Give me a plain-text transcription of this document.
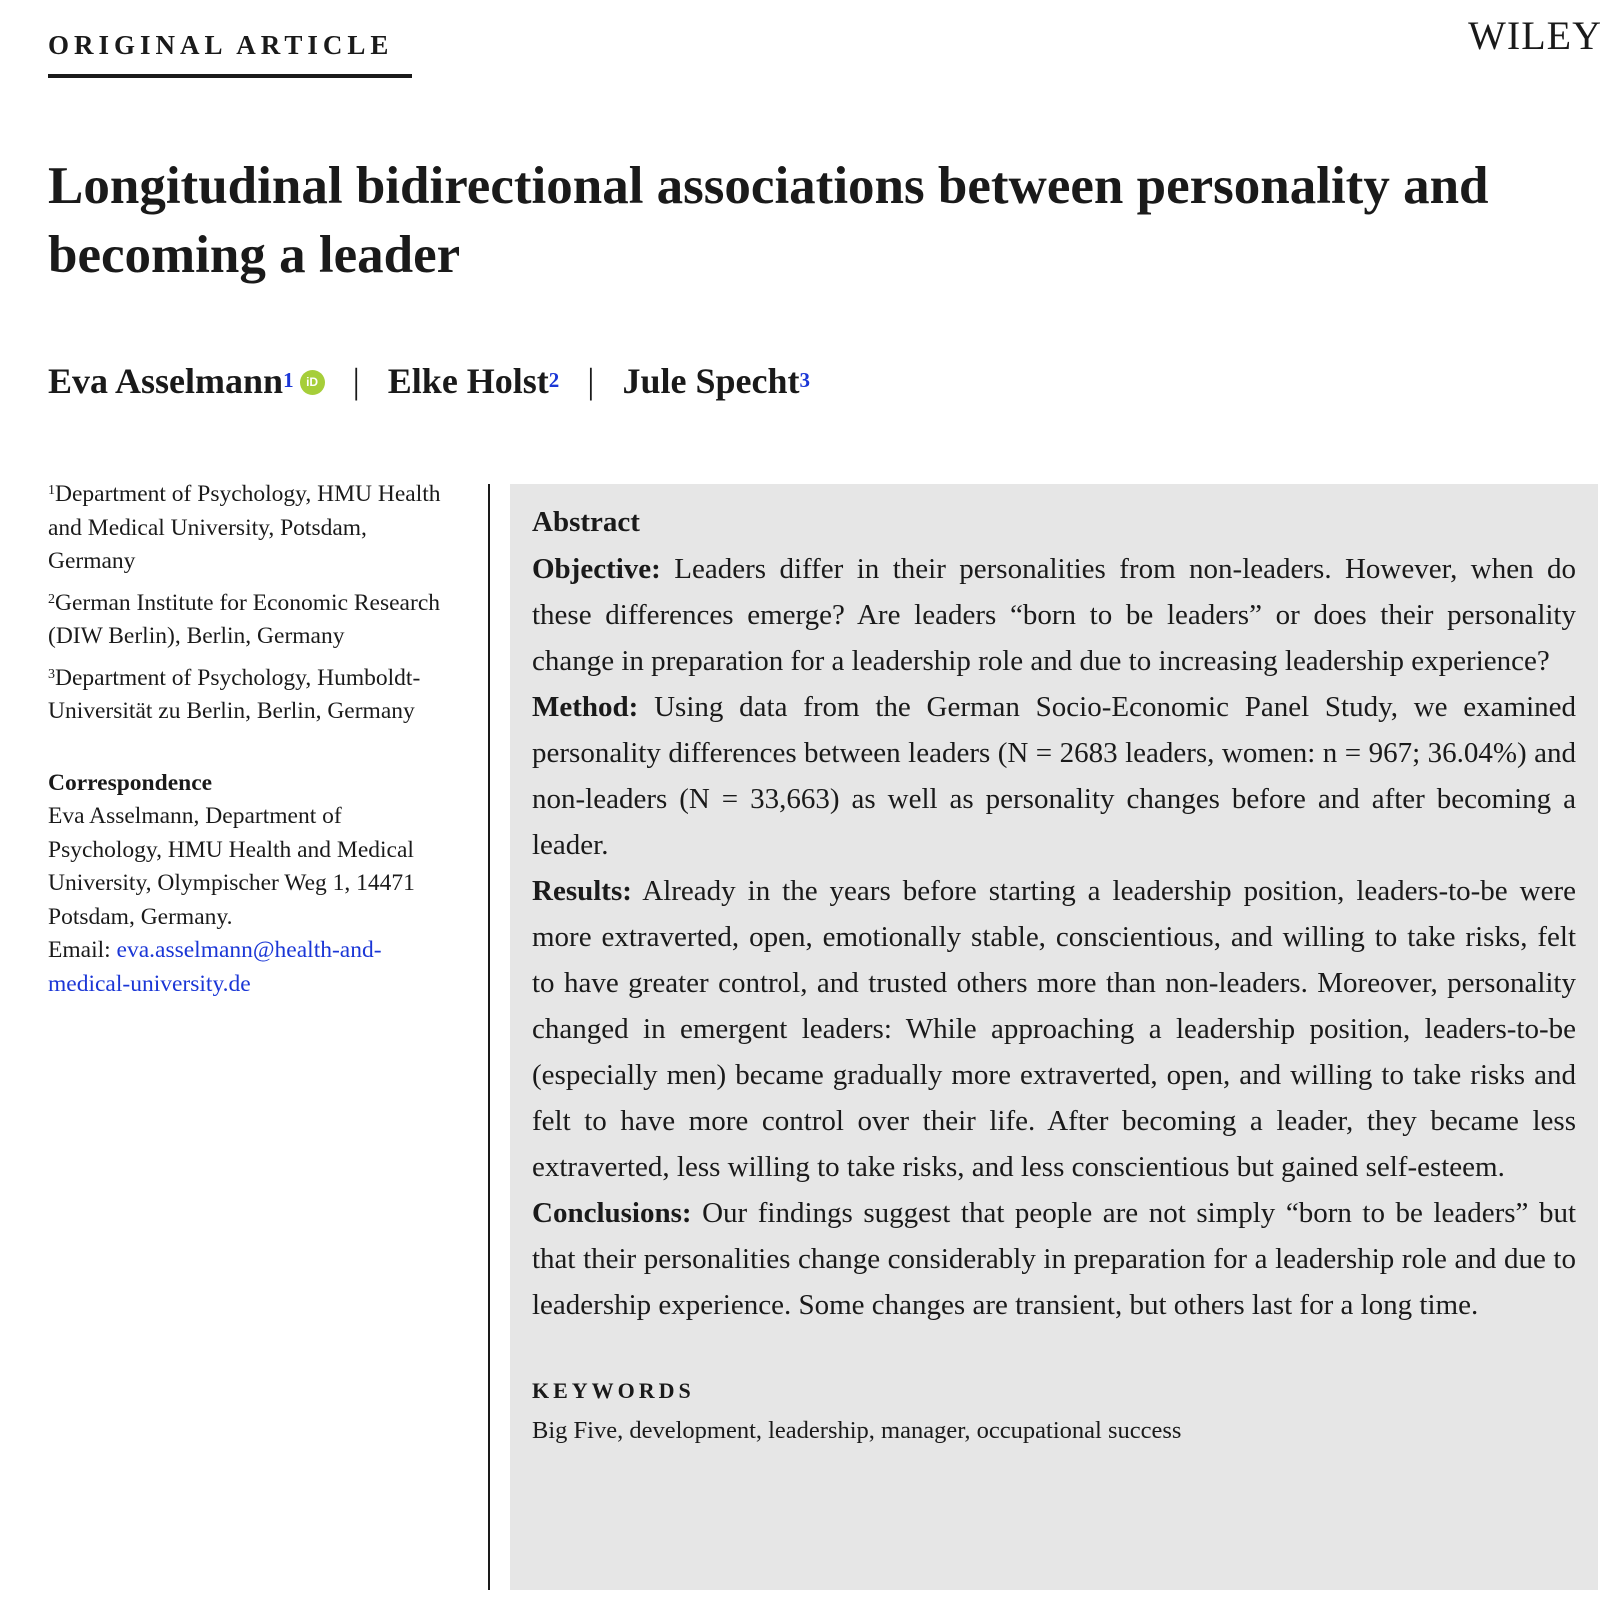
ORIGINAL ARTICLE	WILEY
Longitudinal bidirectional associations between personality and becoming a leader
Eva Asselmann$^1$	iD | Elke Holst$^2$ | Jule Specht$^3$
$^1$Department of Psychology, HMU Health and Medical University, Potsdam, Germany
$^2$German Institute for Economic Research (DIW Berlin), Berlin, Germany
$^3$Department of Psychology, Humboldt-Universität zu Berlin, Berlin, Germany
Correspondence
Eva Asselmann, Department of Psychology, HMU Health and Medical University, Olympischer Weg 1, 14471 Potsdam, Germany.
Email: eva.asselmann@health-and-medical-university.de
Abstract

Objective: Leaders differ in their personalities from non-leaders. However, when do these differences emerge? Are leaders “born to be leaders” or does their personality change in preparation for a leadership role and due to increasing leadership experience?

Method: Using data from the German Socio-Economic Panel Study, we examined personality differences between leaders (N = 2683 leaders, women: n = 967; 36.04%) and non-leaders (N = 33,663) as well as personality changes before and after becoming a leader.

Results: Already in the years before starting a leadership position, leaders-to-be were more extraverted, open, emotionally stable, conscientious, and willing to take risks, felt to have greater control, and trusted others more than non-leaders. Moreover, personality changed in emergent leaders: While approaching a leadership position, leaders-to-be (especially men) became gradually more extraverted, open, and willing to take risks and felt to have more control over their life. After becoming a leader, they became less extraverted, less willing to take risks, and less conscientious but gained self-esteem.

Conclusions: Our findings suggest that people are not simply “born to be leaders” but that their personalities change considerably in preparation for a leadership role and due to leadership experience. Some changes are transient, but others last for a long time.

KEYWORDS
Big Five, development, leadership, manager, occupational success
